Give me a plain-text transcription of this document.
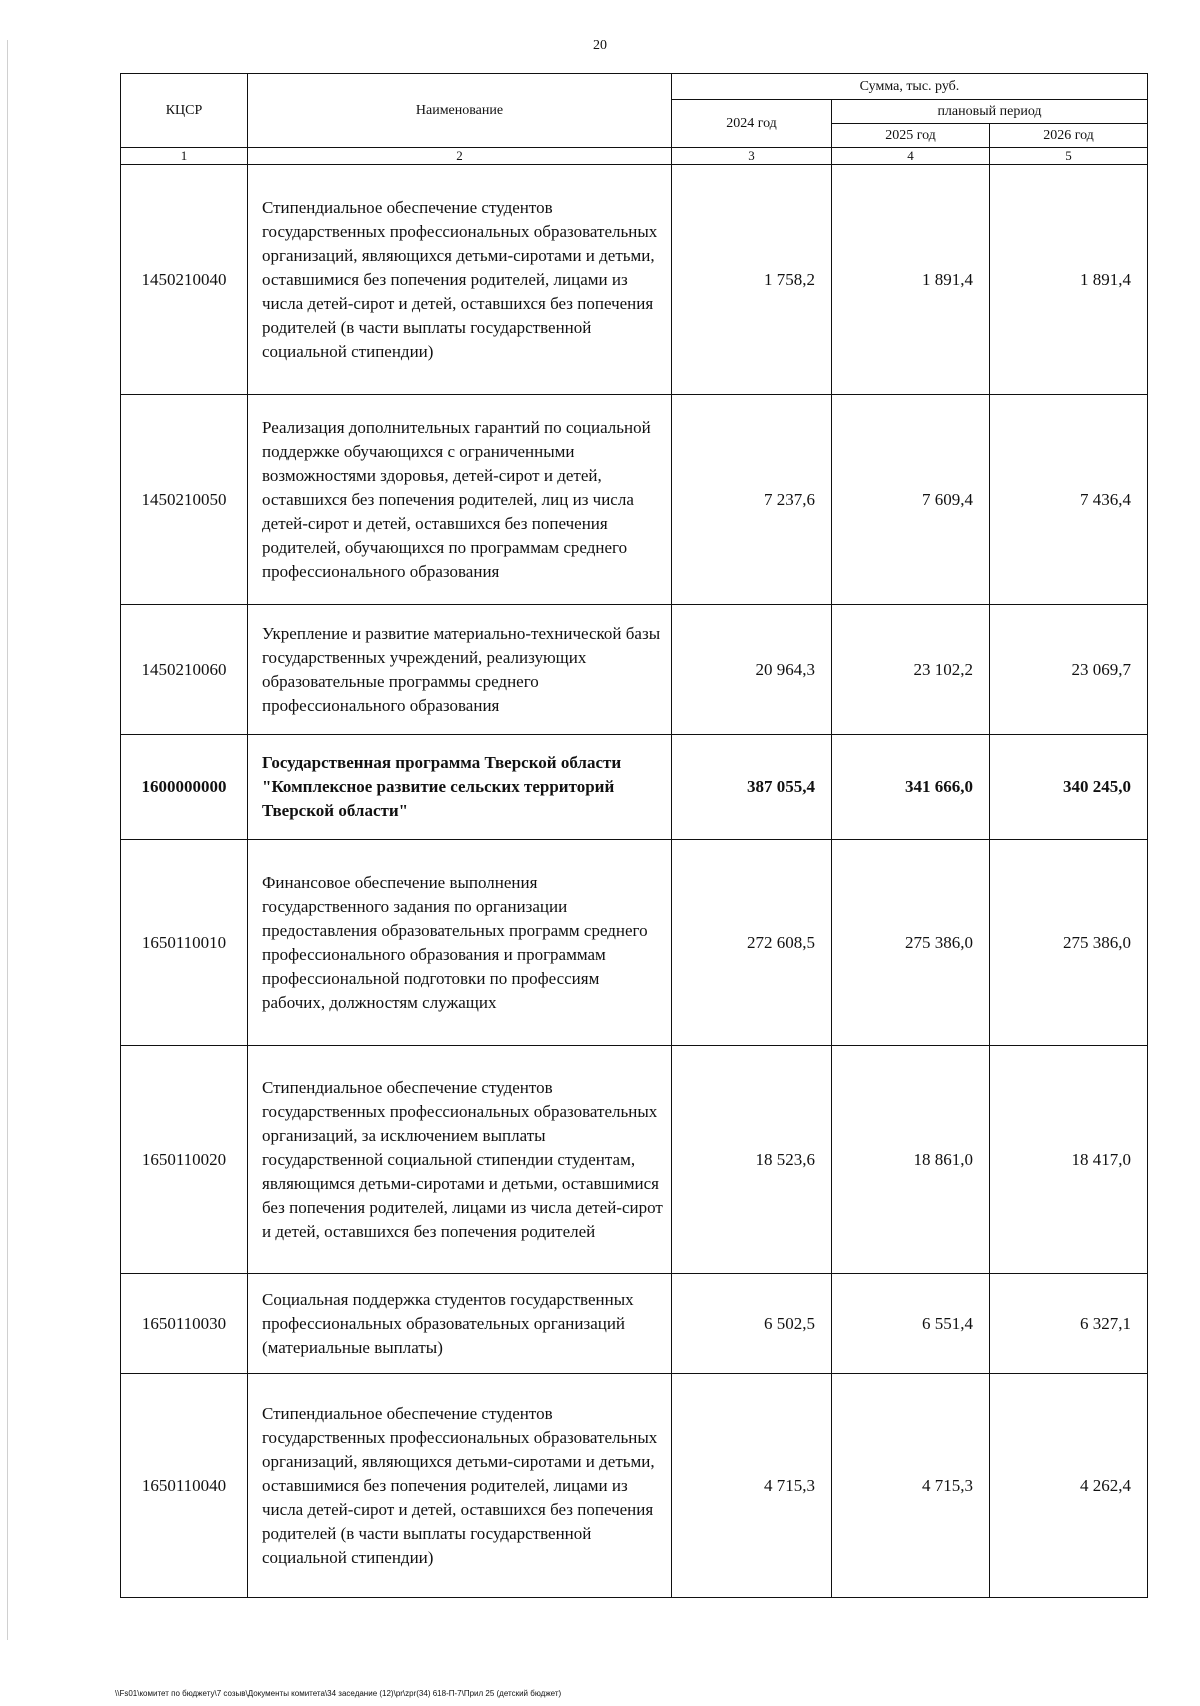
20
КЦСР	Наименование	Сумма, тыс. руб.		
		2024 год	плановый период	
			2025 год	2026 год
1	2	3	4	5
1450210040	Стипендиальное обеспечение студентов государственных профессиональных образовательных организаций, являющихся детьми-сиротами и детьми, оставшимися без попечения родителей, лицами из числа детей-сирот и детей, оставшихся без попечения родителей (в части выплаты государственной социальной стипендии)	1 758,2	1 891,4	1 891,4
1450210050	Реализация дополнительных гарантий по социальной поддержке обучающихся с ограниченными возможностями здоровья, детей-сирот и детей, оставшихся без попечения родителей, лиц из числа детей-сирот и детей, оставшихся без попечения родителей, обучающихся по программам среднего профессионального образования	7 237,6	7 609,4	7 436,4
1450210060	Укрепление и развитие материально-технической базы государственных учреждений, реализующих образовательные программы среднего профессионального образования	20 964,3	23 102,2	23 069,7
1600000000	Государственная программа Тверской области "Комплексное развитие сельских территорий Тверской области"	387 055,4	341 666,0	340 245,0
1650110010	Финансовое обеспечение выполнения государственного задания по организации предоставления образовательных программ среднего профессионального образования и программам профессиональной подготовки по профессиям рабочих, должностям служащих	272 608,5	275 386,0	275 386,0
1650110020	Стипендиальное обеспечение студентов государственных профессиональных образовательных организаций, за исключением выплаты государственной социальной стипендии студентам, являющимся детьми-сиротами и детьми, оставшимися без попечения родителей, лицами из числа детей-сирот и детей, оставшихся без попечения родителей	18 523,6	18 861,0	18 417,0
1650110030	Социальная поддержка студентов государственных профессиональных образовательных организаций (материальные выплаты)	6 502,5	6 551,4	6 327,1
1650110040	Стипендиальное обеспечение студентов государственных профессиональных образовательных организаций, являющихся детьми-сиротами и детьми, оставшимися без попечения родителей, лицами из числа детей-сирот и детей, оставшихся без попечения родителей (в части выплаты государственной социальной стипендии)	4 715,3	4 715,3	4 262,4
\\Fs01\комитет по бюджету\7 созыв\Документы комитета\34 заседание (12)\pr\zpr(34) 618-П-7\Прил 25 (детский бюджет)
